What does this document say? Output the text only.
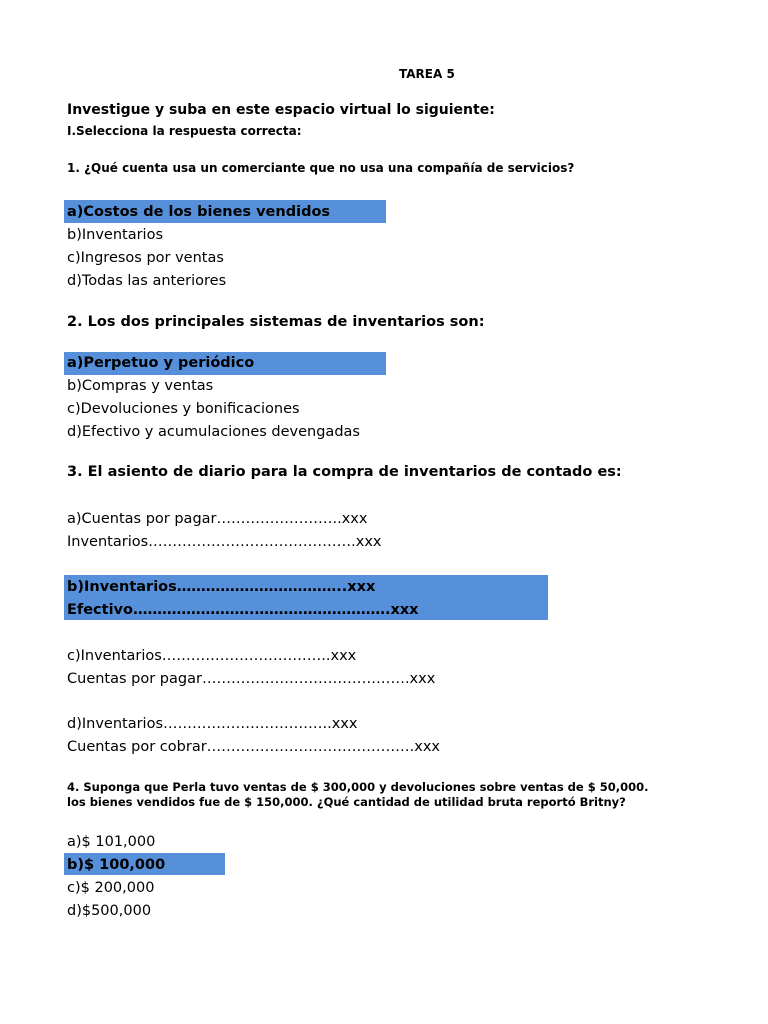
TAREA 5
Investigue y suba en este espacio virtual lo siguiente:
I.Selecciona la respuesta correcta:
1. ¿Qué cuenta usa un comerciante que no usa una compañía de servicios?
a)Costos de los bienes vendidos
b)Inventarios
c)Ingresos por ventas
d)Todas las anteriores
2. Los dos principales sistemas de inventarios son:
a)Perpetuo y periódico
b)Compras y ventas
c)Devoluciones y bonificaciones
d)Efectivo y acumulaciones devengadas
3. El asiento de diario para la compra de inventarios de contado es:
a)Cuentas por pagar……………………..xxx
Inventarios…………………………………….xxx
b)Inventarios……………………………..xxx
Efectivo…………………….……………………….xxx
c)Inventarios……………………………..xxx
Cuentas por pagar…………………………………….xxx
d)Inventarios……………………………..xxx
Cuentas por cobrar…………………………………….xxx
4. Suponga que Perla tuvo ventas de $ 300,000 y devoluciones sobre ventas de $ 50,000.
los bienes vendidos fue de $ 150,000. ¿Qué cantidad de utilidad bruta reportó Britny?
a)$ 101,000
b)$ 100,000
c)$ 200,000
d)$500,000
